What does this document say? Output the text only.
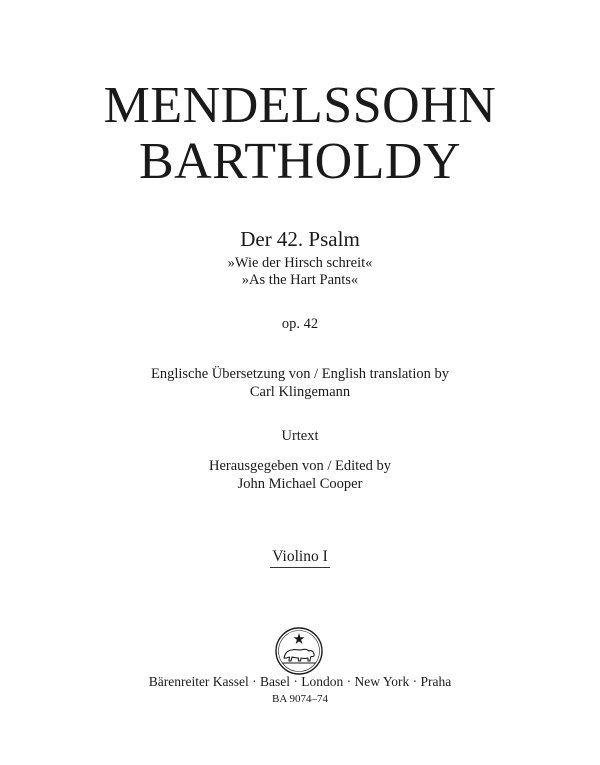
MENDELSSOHN
BARTHOLDY
Der 42. Psalm
»Wie der Hirsch schreit«
»As the Hart Pants«
op. 42
Englische Übersetzung von / English translation by
Carl Klingemann
Urtext
Herausgegeben von / Edited by
John Michael Cooper
Violino I
Bärenreiter Kassel · Basel · London · New York · Praha
BA 9074–74
